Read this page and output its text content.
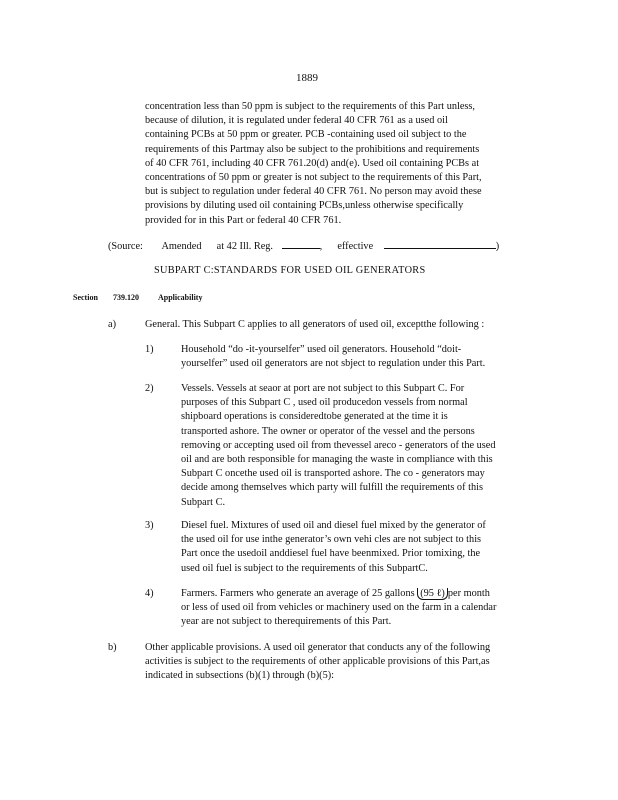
1889
concentration less than 50 ppm is subject to the requirements of this Part unless,
because of dilution, it is regulated under federal 40 CFR 761 as a used oil
containing PCBs at 50 ppm or greater. PCB -containing used oil subject to the
requirements of this Partmay also be subject to the prohibitions and requirements
of 40 CFR 761, including 40 CFR 761.20(d) and(e). Used oil containing PCBs at
concentrations of 50 ppm or greater is not subject to the requirements of this Part,
but is subject to regulation under federal 40 CFR 761. No person may avoid these
provisions by diluting used oil containing PCBs,unless otherwise specifically
provided for in this Part or federal 40 CFR 761.
(Source: Amended at 42 Ill. Reg.	, effective	)
SUBPART C:STANDARDS FOR USED OIL GENERATORS
Section 739.120 Applicability
a)	General. This Subpart C applies to all generators of used oil, exceptthe following :
1)	Household “do -it-yourselfer” used oil generators. Household “doit-
yourselfer” used oil generators are not sbject to regulation under this Part.
2)	Vessels. Vessels at seaor at port are not subject to this Subpart C. For
purposes of this Subpart C , used oil producedon vessels from normal
shipboard operations is consideredtobe generated at the time it is
transported ashore. The owner or operator of the vessel and the persons
removing or accepting used oil from thevessel areco - generators of the used
oil and are both responsible for managing the waste in compliance with this
Subpart C oncethe used oil is transported ashore. The co - generators may
decide among themselves which party will fulfill the requirements of this
Subpart C.
3)	Diesel fuel. Mixtures of used oil and diesel fuel mixed by the generator of
the used oil for use inthe generator’s own vehi cles are not subject to this
Part once the usedoil anddiesel fuel have beenmixed. Prior tomixing, the
used oil fuel is subject to the requirements of this SubpartC.
4)	Farmers. Farmers who generate an average of 25 gallons (95 ℓ) per month
or less of used oil from vehicles or machinery used on the farm in a calendar
year are not subject to therequirements of this Part.
b)	Other applicable provisions. A used oil generator that conducts any of the following
activities is subject to the requirements of other applicable provisions of this Part,as
indicated in subsections (b)(1) through (b)(5):
